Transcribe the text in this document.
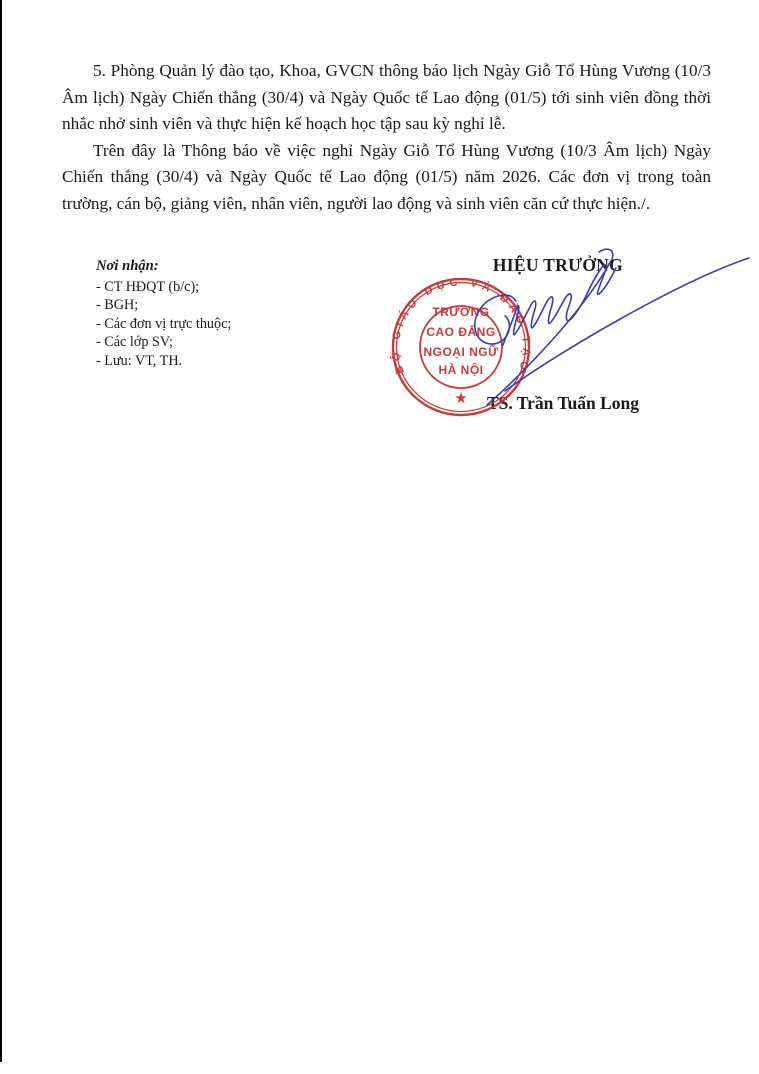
5. Phòng Quản lý đào tạo, Khoa, GVCN thông báo lịch Ngày Giỗ Tổ Hùng Vương (10/3 Âm lịch) Ngày Chiến thắng (30/4) và Ngày Quốc tế Lao động (01/5) tới sinh viên đồng thời nhắc nhở sinh viên và thực hiện kế hoạch học tập sau kỳ nghỉ lễ.

Trên đây là Thông báo về việc nghỉ Ngày Giỗ Tổ Hùng Vương (10/3 Âm lịch) Ngày Chiến thắng (30/4) và Ngày Quốc tế Lao động (01/5) năm 2026. Các đơn vị trong toàn trường, cán bộ, giảng viên, nhân viên, người lao động và sinh viên căn cứ thực hiện./.

Nơi nhận:
- CT HĐQT (b/c);
- BGH;
- Các đơn vị trực thuộc;
- Các lớp SV;
- Lưu: VT, TH.
HIỆU TRƯỞNG
TS. Trần Tuấn Long
BỘ GIÁO DỤC VÀ ĐÀO TẠO
TRƯỜNG
CAO ĐẲNG
NGOẠI NGỮ
HÀ NỘI
★
